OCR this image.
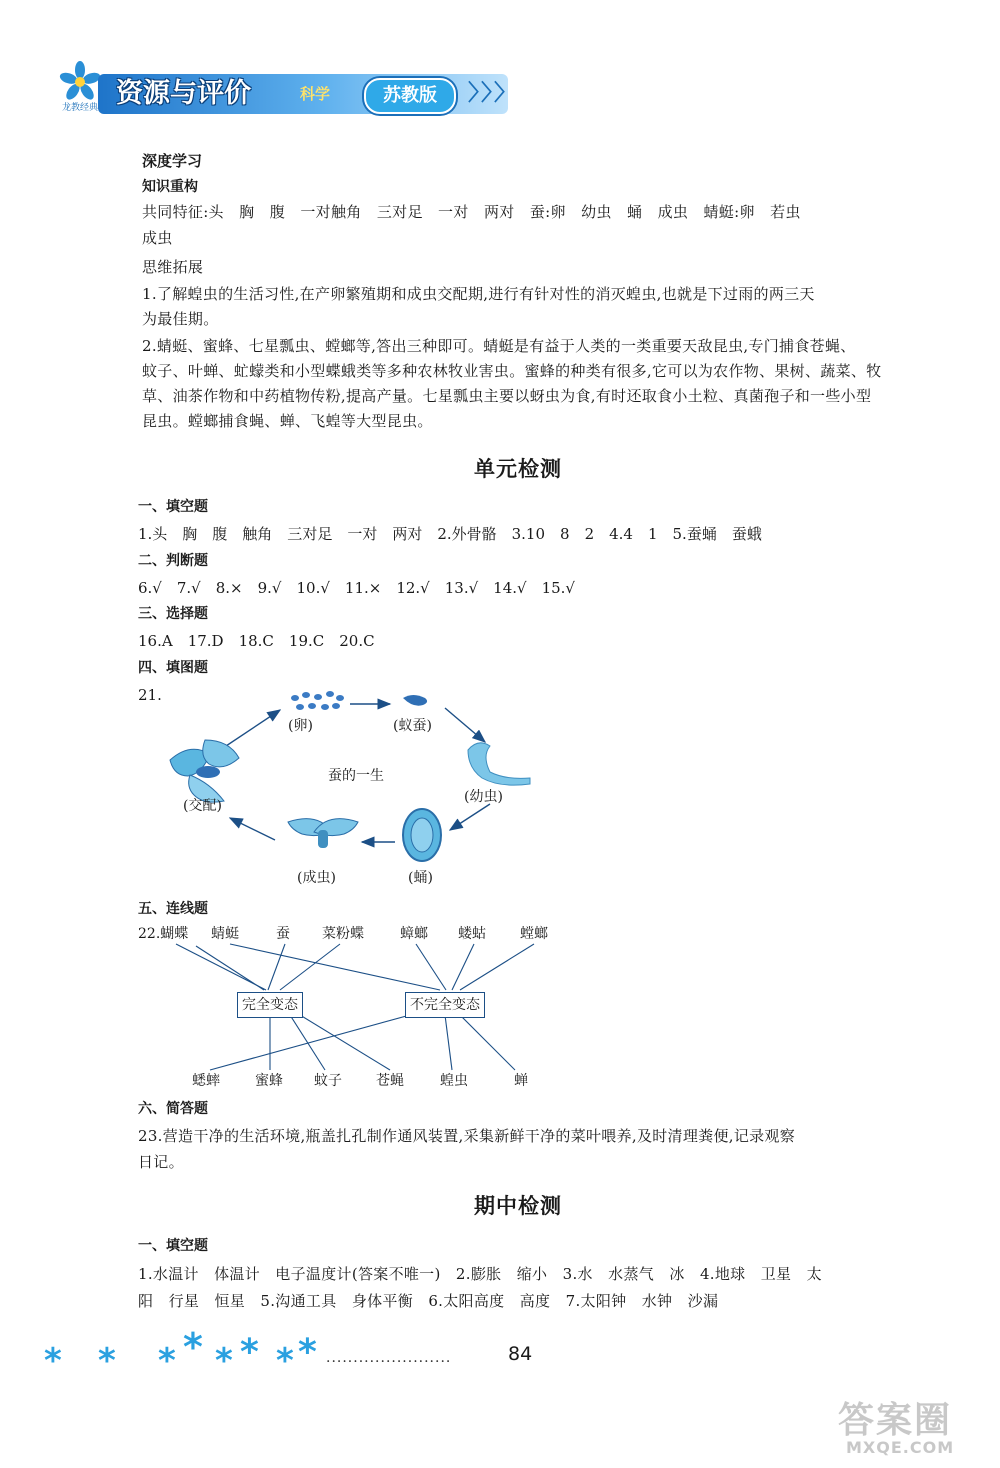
龙教经典 资源与评价	科学	苏教版	〉〉〉
深度学习
知识重构
共同特征:头　胸　腹　一对触角　三对足　一对　两对　蚕:卵　幼虫　蛹　成虫　蜻蜓:卵　若虫
成虫
思维拓展
1.了解蝗虫的生活习性,在产卵繁殖期和成虫交配期,进行有针对性的消灭蝗虫,也就是下过雨的两三天
为最佳期。
2.蜻蜓、蜜蜂、七星瓢虫、螳螂等,答出三种即可。蜻蜓是有益于人类的一类重要天敌昆虫,专门捕食苍蝇、
蚊子、叶蝉、虻蠓类和小型蝶蛾类等多种农林牧业害虫。蜜蜂的种类有很多,它可以为农作物、果树、蔬菜、牧
草、油茶作物和中药植物传粉,提高产量。七星瓢虫主要以蚜虫为食,有时还取食小土粒、真菌孢子和一些小型
昆虫。螳螂捕食蝇、蝉、飞蝗等大型昆虫。
单元检测
一、填空题
1.头　胸　腹　触角　三对足　一对　两对　2.外骨骼　3.10　8　2　4.4　1　5.蚕蛹　蚕蛾
二、判断题
6.√　7.√　8.×　9.√　10.√　11.×　12.√　13.√　14.√　15.√
三、选择题
16.A　17.D　18.C　19.C　20.C
四、填图题
21.
(卵)	(蚁蚕)
蚕的一生
(交配)
(幼虫)
(成虫)	(蛹)
五、连线题
22.蝴蝶 蜻蜓	蚕 菜粉蝶	蟑螂 蝼蛄 螳螂
完全变态	不完全变态
蟋蟀	蜜蜂 蚊子 苍蝇	蝗虫	蝉
六、简答题
23.营造干净的生活环境,瓶盖扎孔制作通风装置,采集新鲜干净的菜叶喂养,及时清理粪便,记录观察
日记。
期中检测
一、填空题
1.水温计　体温计　电子温度计(答案不唯一)　2.膨胀　缩小　3.水　水蒸气　冰　4.地球　卫星　太
阳　行星　恒星　5.沟通工具　身体平衡　6.太阳高度　高度　7.太阳钟　水钟　沙漏
* * * * * * * * ·······················	84
答案圈
MXQE.COM
